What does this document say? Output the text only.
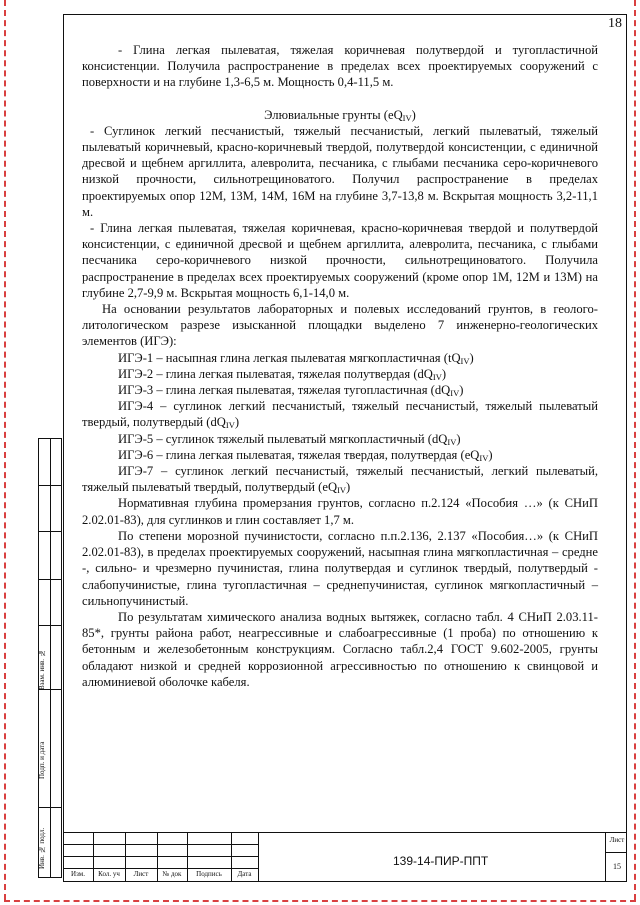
18

- Глина легкая пылеватая, тяжелая коричневая полутвердой и тугопластичной консистенции. Получила распространение в пределах всех проектируемых сооружений с поверхности и на глубине 1,3-6,5 м. Мощность 0,4-11,5 м.

Элювиальные грунты $(eQ_{IV})$

- Суглинок легкий песчанистый, тяжелый песчанистый, легкий пылеватый, тяжелый пылеватый коричневый, красно-коричневый твердой, полутвердой консистенции, с единичной дресвой и щебнем аргиллита, алевролита, песчаника, с глыбами песчаника серо-коричневого низкой прочности, сильнотрещиноватого. Получил распространение в пределах проектируемых опор 12М, 13М, 14М, 16М на глубине 3,7-13,8 м. Вскрытая мощность 3,2-11,1 м.

- Глина легкая пылеватая, тяжелая коричневая, красно-коричневая твердой и полутвердой консистенции, с единичной дресвой и щебнем аргиллита, алевролита, песчаника, с глыбами песчаника серо-коричневого низкой прочности, сильнотрещиноватого. Получила распространение в пределах всех проектируемых сооружений (кроме опор 1М, 12М и 13М) на глубине 2,7-9,9 м. Вскрытая мощность 6,1-14,0 м.

На основании результатов лабораторных и полевых исследований грунтов, в геолого-литологическом разрезе изысканной площадки выделено 7 инженерно-геологических элементов (ИГЭ):

ИГЭ-1 – насыпная глина легкая пылеватая мягкопластичная $(tQ_{IV})$

ИГЭ-2 – глина легкая пылеватая, тяжелая полутвердая $(dQ_{IV})$

ИГЭ-3 – глина легкая пылеватая, тяжелая тугопластичная $(dQ_{IV})$

ИГЭ-4 – суглинок легкий песчанистый, тяжелый песчанистый, тяжелый пылеватый твердый, полутвердый $(dQ_{IV})$

ИГЭ-5 – суглинок тяжелый пылеватый мягкопластичный $(dQ_{IV})$

ИГЭ-6 – глина легкая пылеватая, тяжелая твердая, полутвердая $(eQ_{IV})$

ИГЭ-7 – суглинок легкий песчанистый, тяжелый песчанистый, легкий пылеватый, тяжелый пылеватый твердый, полутвердый $(eQ_{IV})$

Нормативная глубина промерзания грунтов, согласно п.2.124 «Пособия …» (к СНиП 2.02.01-83), для суглинков и глин составляет 1,7 м.

По степени морозной пучинистости, согласно п.п.2.136, 2.137 «Пособия…» (к СНиП 2.02.01-83), в пределах проектируемых сооружений, насыпная глина мягкопластичная – средне -, сильно- и чрезмерно пучинистая, глина полутвердая и суглинок твердый, полутвердый - слабопучинистые, глина тугопластичная – среднепучинистая, суглинок мягкопластичный – сильнопучинистый.

По результатам химического анализа водных вытяжек, согласно табл. 4 СНиП 2.03.11-85*, грунты района работ, неагрессивные и слабоагрессивные (1 проба) по отношению к бетонным и железобетонным конструкциям. Согласно табл.2,4 ГОСТ 9.602-2005, грунты обладают низкой и средней коррозионной агрессивностью по отношению к свинцовой и алюминиевой оболочке кабеля.

Взам. инв. №
Подп. и дата
Инв. № подл.
Изм.	Кол. уч	Лист	№ док	Подпись	Дата
139-14-ПИР-ППТ
Лист
15
